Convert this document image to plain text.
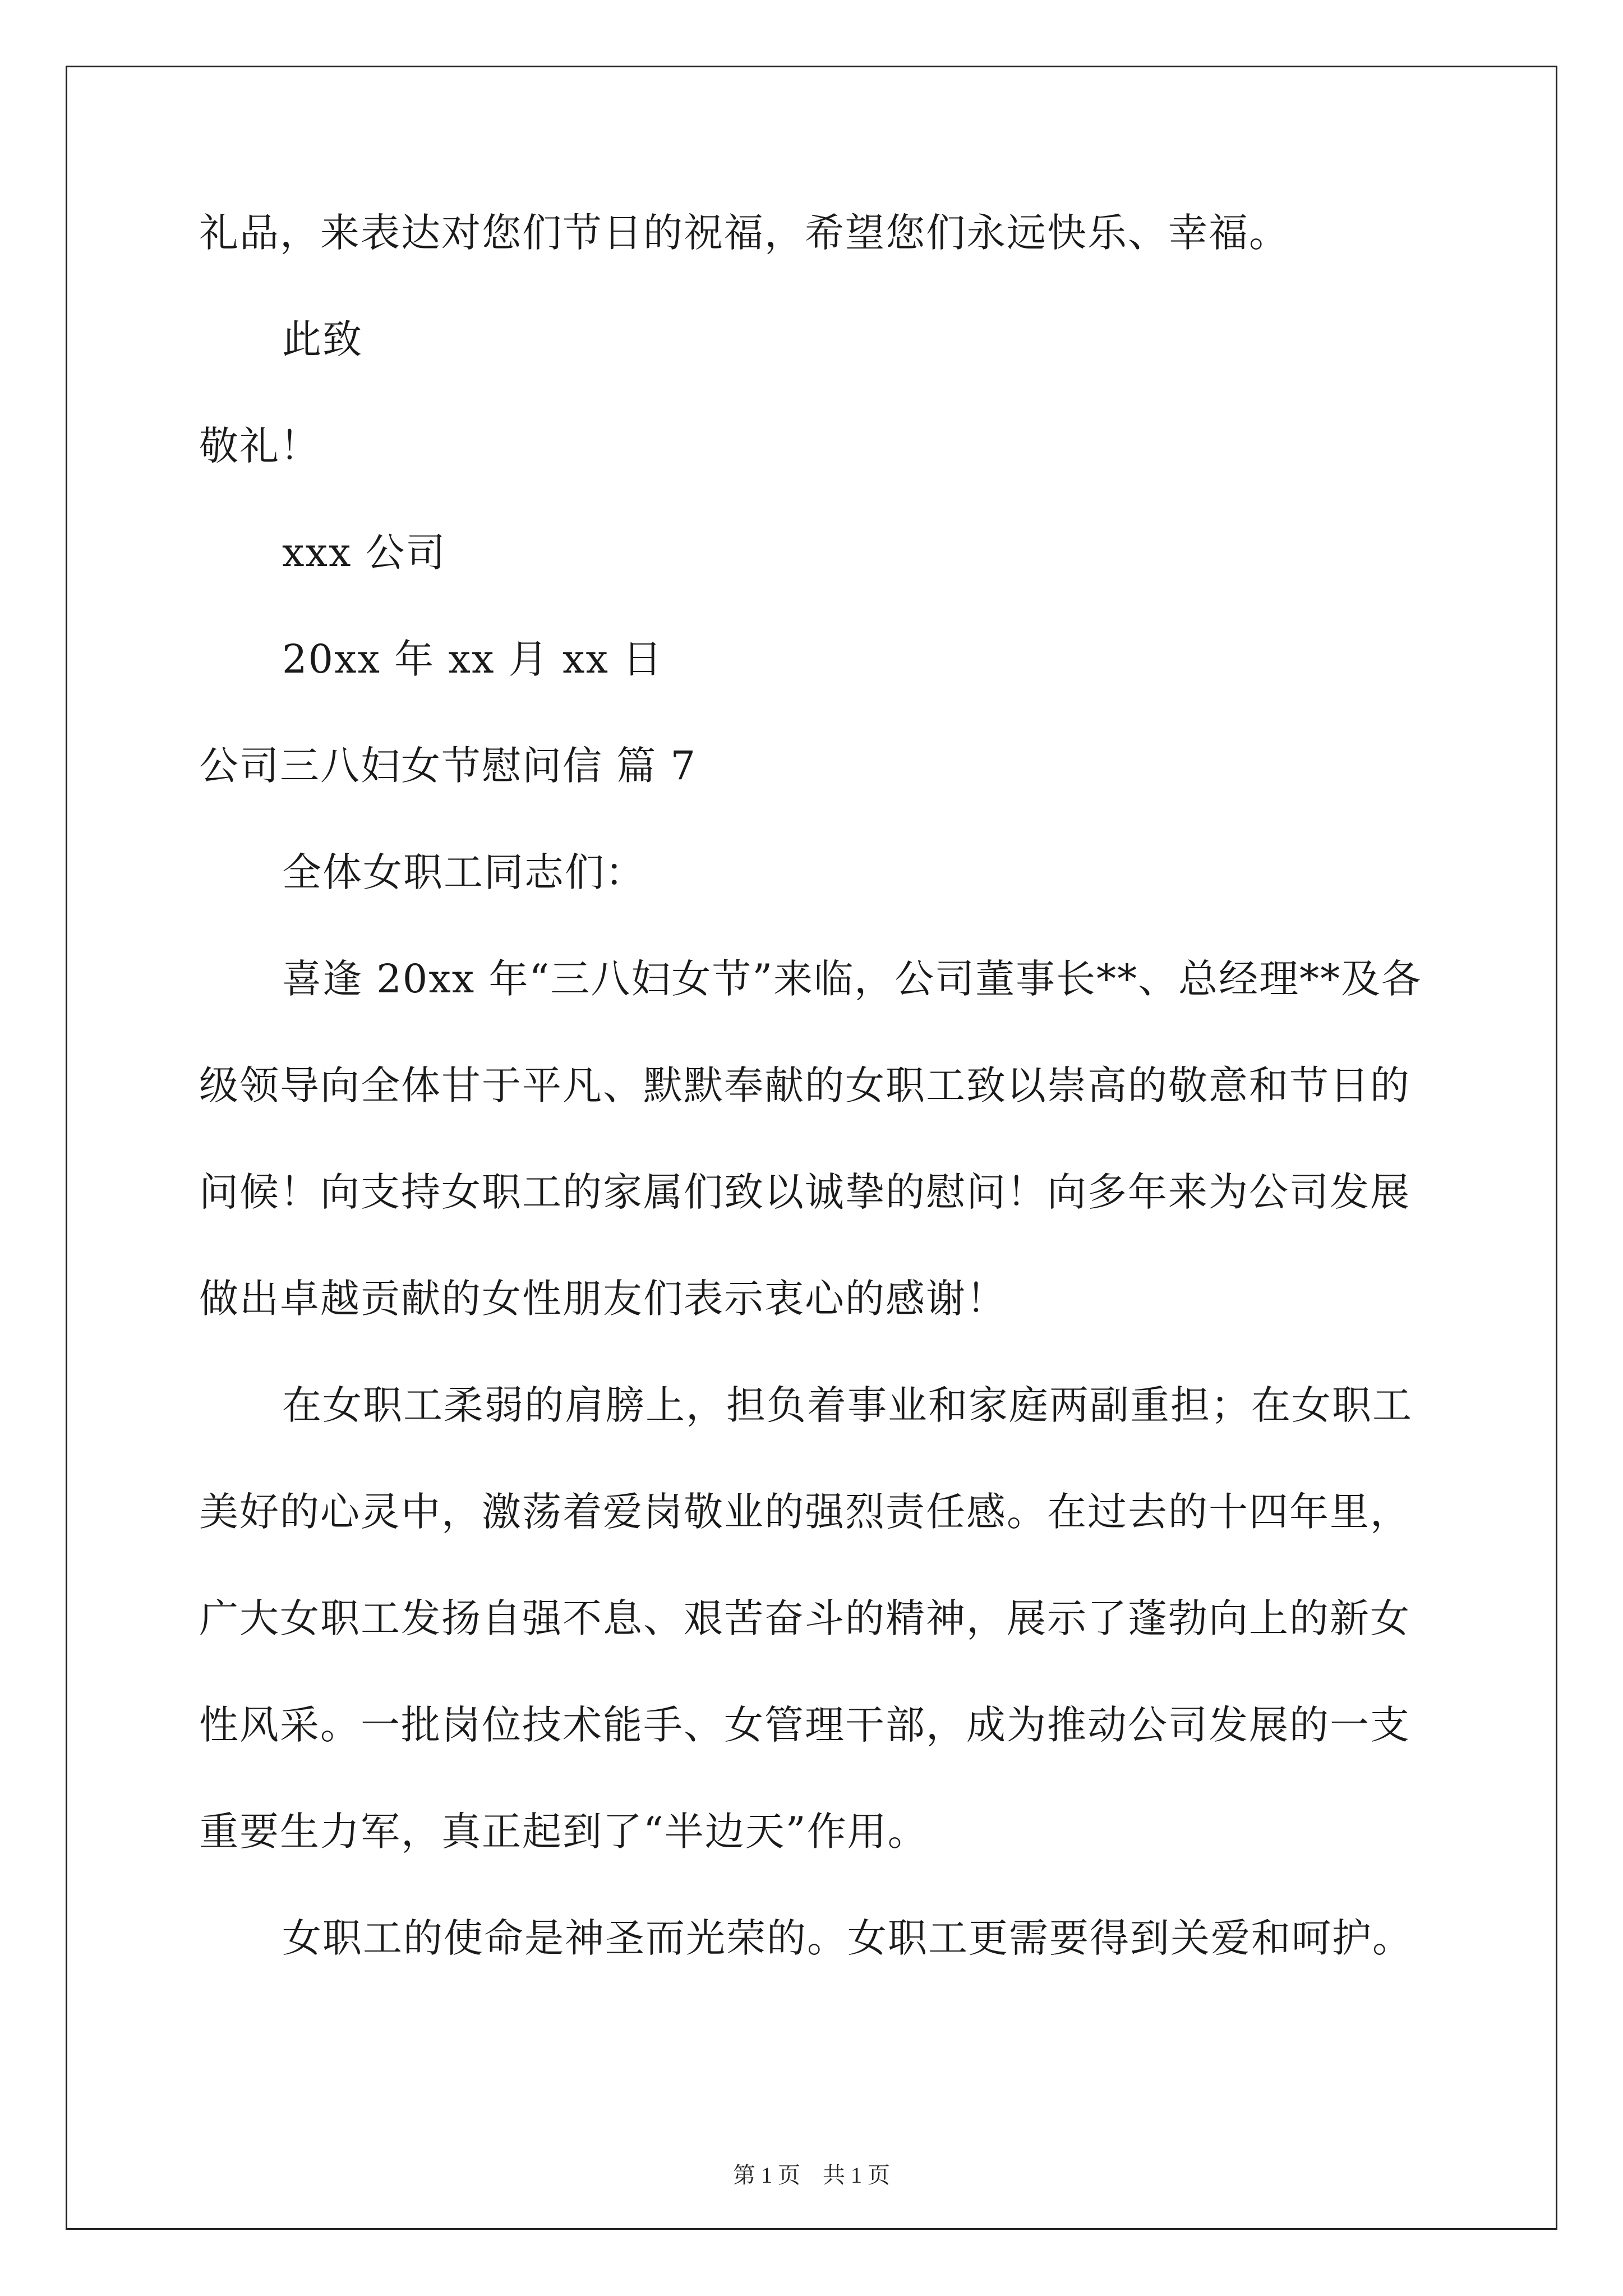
礼品，来表达对您们节日的祝福，希望您们永远快乐、幸福。

此致

敬礼！

xxx 公司

20xx 年 xx 月 xx 日

公司三八妇女节慰问信 篇 7

全体女职工同志们：

喜逢 20xx 年“三八妇女节”来临，公司董事长**、总经理**及各

级领导向全体甘于平凡、默默奉献的女职工致以崇高的敬意和节日的

问候！向支持女职工的家属们致以诚挚的慰问！向多年来为公司发展

做出卓越贡献的女性朋友们表示衷心的感谢！

在女职工柔弱的肩膀上，担负着事业和家庭两副重担；在女职工

美好的心灵中，激荡着爱岗敬业的强烈责任感。在过去的十四年里，

广大女职工发扬自强不息、艰苦奋斗的精神，展示了蓬勃向上的新女

性风采。一批岗位技术能手、女管理干部，成为推动公司发展的一支

重要生力军，真正起到了“半边天”作用。

女职工的使命是神圣而光荣的。女职工更需要得到关爱和呵护。

第 1 页 共 1 页
